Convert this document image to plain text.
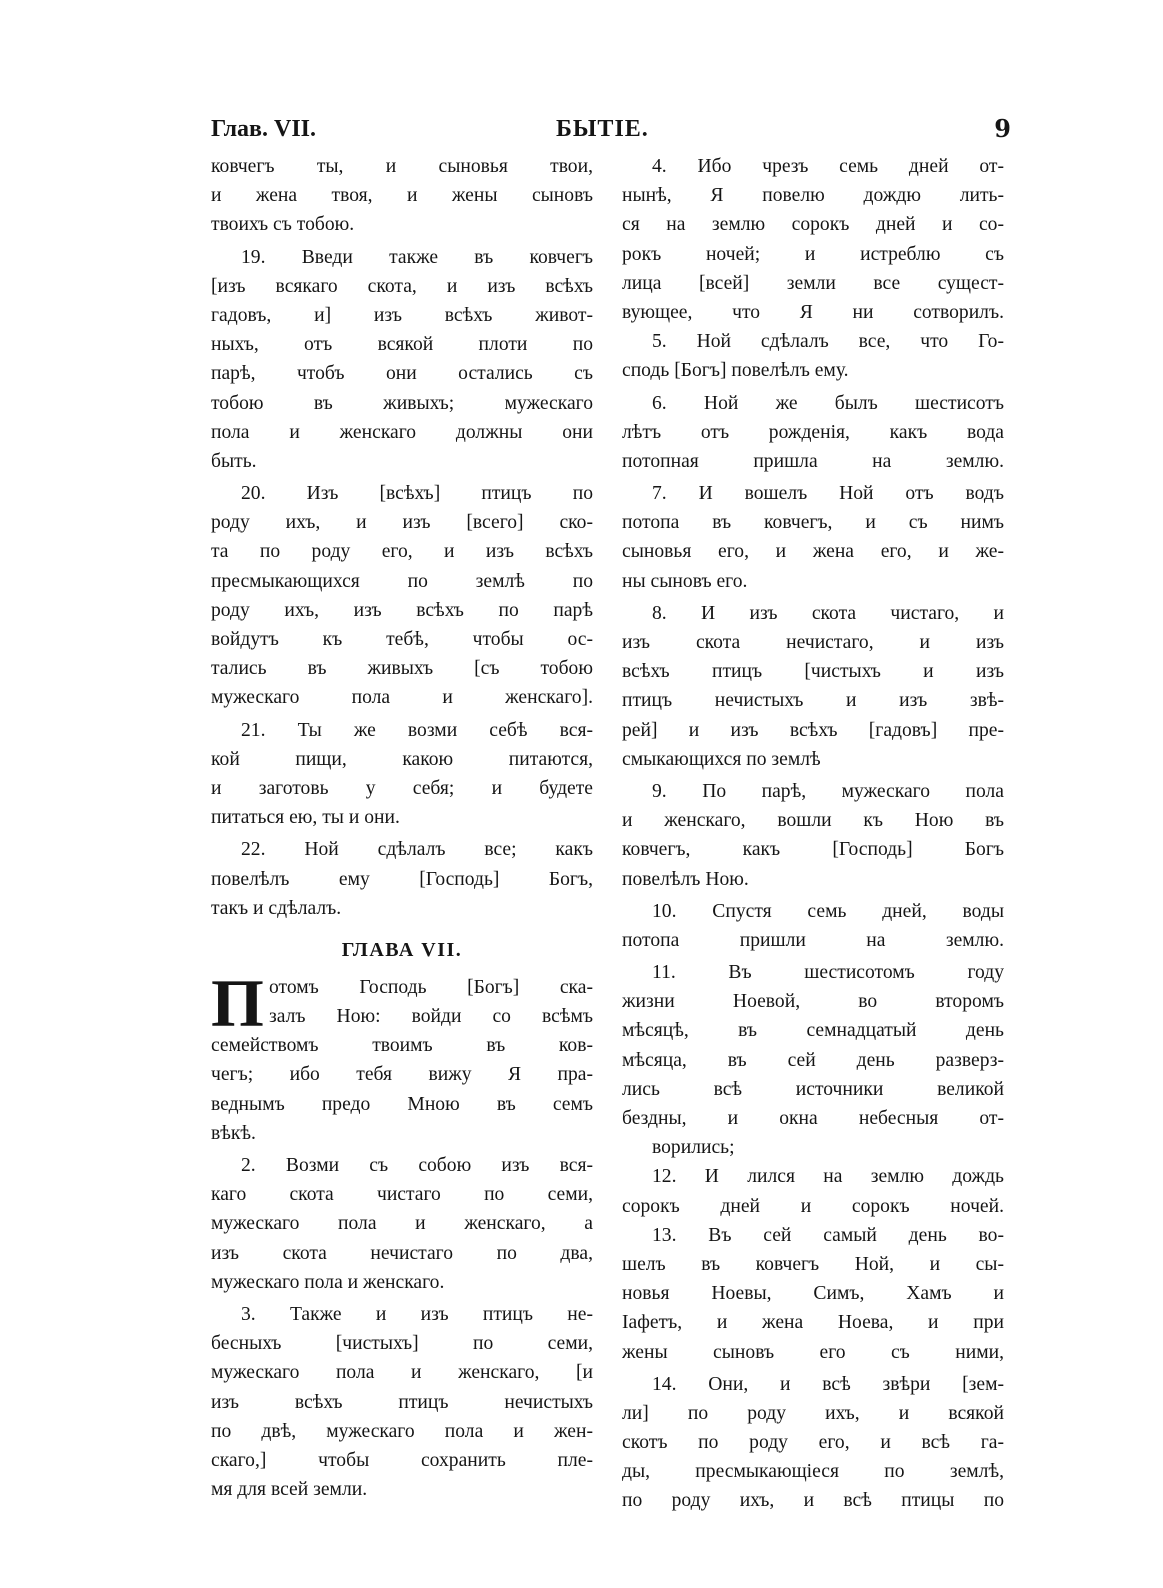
Глав. VII.	БЫТІЕ.	9
ковчегъ ты, и сыновья твои,
и жена твоя, и жены сыновъ
твоихъ съ тобою.
19. Введи также въ ковчегъ
[изъ всякаго скота, и изъ всѣхъ
гадовъ, и] изъ всѣхъ живот-
ныхъ, отъ всякой плоти по
парѣ, чтобъ они остались съ
тобою въ живыхъ; мужескаго
пола и женскаго должны они
быть.
20. Изъ [всѣхъ] птицъ по
роду ихъ, и изъ [всего] ско-
та по роду его, и изъ всѣхъ
пресмыкающихся по землѣ по
роду ихъ, изъ всѣхъ по парѣ
войдутъ къ тебѣ, чтобы ос-
тались въ живыхъ [съ тобою
мужескаго пола и женскаго].
21. Ты же возми себѣ вся-
кой пищи, какою питаются,
и заготовь у себя; и будете
питаться ею, ты и они.
22. Ной сдѣлалъ все; какъ
повелѣлъ ему [Господь] Богъ,
такъ и сдѣлалъ.
ГЛАВА VII.
П отомъ Господь [Богъ] ска-
залъ Ною: войди со всѣмъ
семействомъ твоимъ въ ков-
чегъ; ибо тебя вижу Я пра-
веднымъ предо Мною въ семъ
вѣкѣ.
2. Возми съ собою изъ вся-
каго скота чистаго по семи,
мужескаго пола и женскаго, а
изъ скота нечистаго по два,
мужескаго пола и женскаго.
3. Также и изъ птицъ не-
бесныхъ [чистыхъ] по семи,
мужескаго пола и женскаго, [и
изъ всѣхъ птицъ нечистыхъ
по двѣ, мужескаго пола и жен-
скаго,] чтобы сохранить пле-
мя для всей земли.
4. Ибо чрезъ семь дней от-
нынѣ, Я повелю дождю лить-
ся на землю сорокъ дней и со-
рокъ ночей; и истреблю съ
лица [всей] земли все сущест-
вующее, что Я ни сотворилъ.
5. Ной сдѣлалъ все, что Го-
сподь [Богъ] повелѣлъ ему.
6. Ной же былъ шестисотъ
лѣтъ отъ рожденія, какъ вода
потопная пришла на землю.
7. И вошелъ Ной отъ водъ
потопа въ ковчегъ, и съ нимъ
сыновья его, и жена его, и же-
ны сыновъ его.
8. И изъ скота чистаго, и
изъ скота нечистаго, и изъ
всѣхъ птицъ [чистыхъ и изъ
птицъ нечистыхъ и изъ звѣ-
рей] и изъ всѣхъ [гадовъ] пре-
смыкающихся по землѣ
9. По парѣ, мужескаго пола
и женскаго, вошли къ Ною въ
ковчегъ, какъ [Господь] Богъ
повелѣлъ Ною.
10. Спустя семь дней, воды
потопа пришли на землю.
11. Въ шестисотомъ году
жизни Ноевой, во второмъ
мѣсяцѣ, въ семнадцатый день
мѣсяца, въ сей день разверз-
лись всѣ источники великой
бездны, и окна небесныя от-
ворились;
12. И лился на землю дождь
сорокъ дней и сорокъ ночей.
13. Въ сей самый день во-
шелъ въ ковчегъ Ной, и сы-
новья Ноевы, Симъ, Хамъ и
Іафетъ, и жена Ноева, и при
жены сыновъ его съ ними,
14. Они, и всѣ звѣри [зем-
ли] по роду ихъ, и всякой
скотъ по роду его, и всѣ га-
ды, пресмыкающіеся по землѣ,
по роду ихъ, и всѣ птицы по
